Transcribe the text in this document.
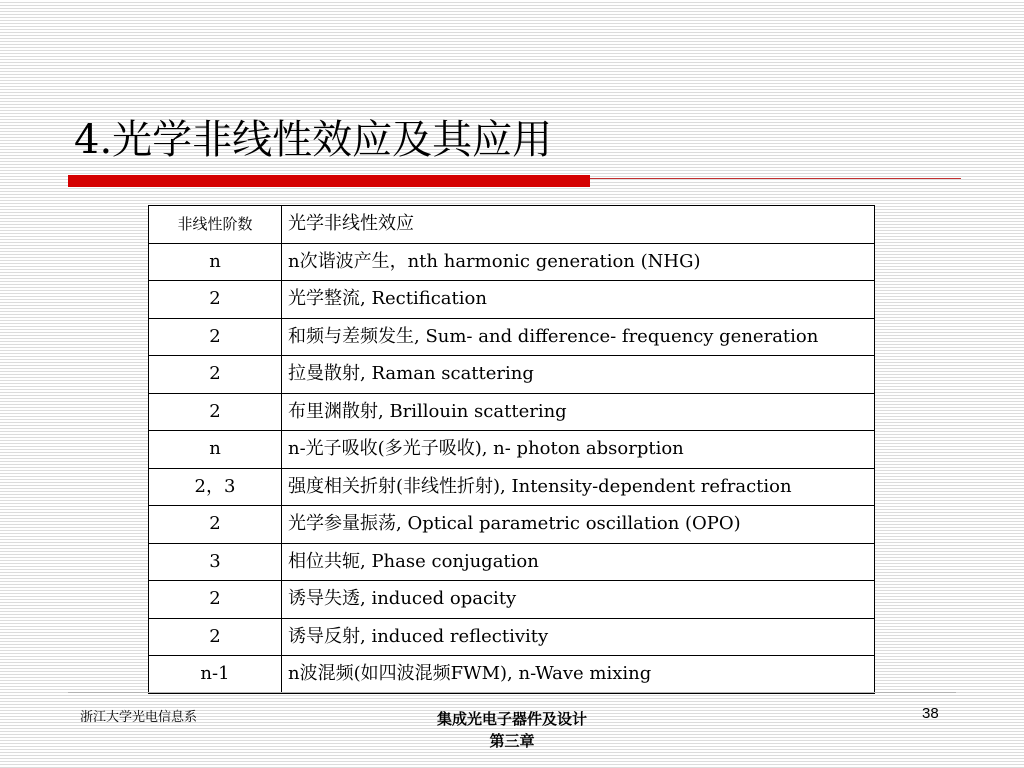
4.光学非线性效应及其应用
非线性阶数	光学非线性效应
n	n次谐波产生，nth harmonic generation (NHG)
2	光学整流, Rectification
2	和频与差频发生, Sum- and difference- frequency generation
2	拉曼散射, Raman scattering
2	布里渊散射, Brillouin scattering
n	n-光子吸收(多光子吸收), n- photon absorption
2，3	强度相关折射(非线性折射), Intensity-dependent refraction
2	光学参量振荡, Optical parametric oscillation (OPO)
3	相位共轭, Phase conjugation
2	诱导失透, induced opacity
2	诱导反射, induced reflectivity
n-1	n波混频(如四波混频FWM), n-Wave mixing
浙江大学光电信息系	集成光电子器件及设计
第三章
38
